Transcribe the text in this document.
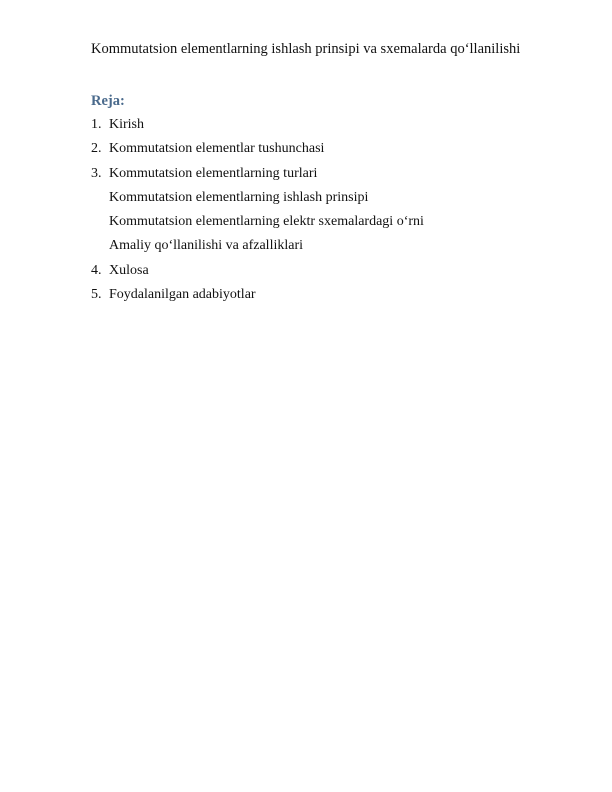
Kommutatsion elementlarning ishlash prinsipi va sxemalarda qo‘llanilishi
Reja:
1. Kirish
2. Kommutatsion elementlar tushunchasi
3. Kommutatsion elementlarning turlari
Kommutatsion elementlarning ishlash prinsipi
Kommutatsion elementlarning elektr sxemalardagi o‘rni
Amaliy qo‘llanilishi va afzalliklari
4. Xulosa
5. Foydalanilgan adabiyotlar
